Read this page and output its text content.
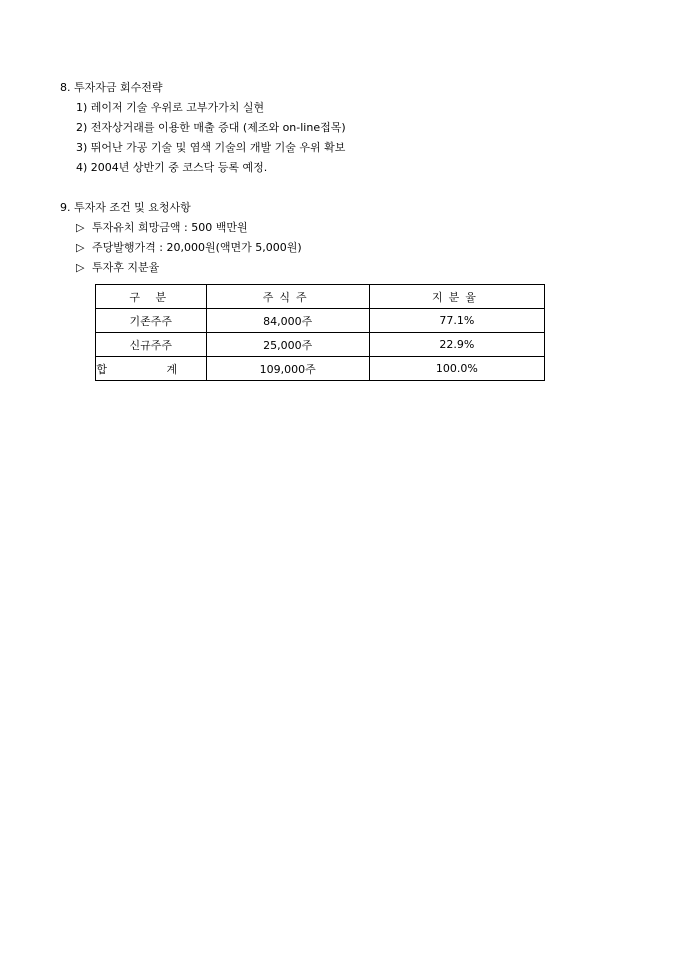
8. 투자자금 회수전략
1) 레이저 기술 우위로 고부가가치 실현
2) 전자상거래를 이용한 매출 증대 (제조와 on-line접목)
3) 뛰어난 가공 기술 및 염색 기술의 개발 기술 우위 확보
4) 2004년 상반기 중 코스닥 등록 예정.
9. 투자자 조건 및 요청사항
▷ 투자유치 희망금액 : 500 백만원
▷ 주당발행가격 : 20,000원(액면가 5,000원)
▷ 투자후 지분율
구 분	주식주	지분율
기존주주	84,000주	77.1%
신규주주	25,000주	22.9%
합 계	109,000주	100.0%
